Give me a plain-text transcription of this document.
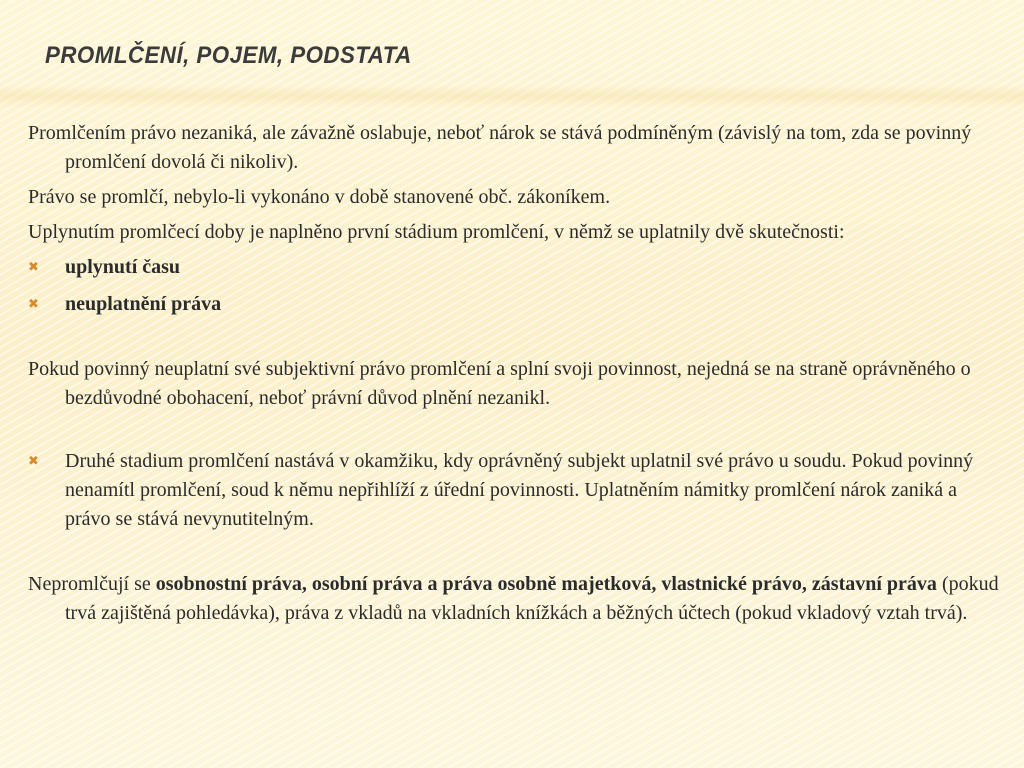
PROMLČENÍ, POJEM, PODSTATA

Promlčením právo nezaniká, ale závažně oslabuje, neboť nárok se stává podmíněným (závislý na tom, zda se povinný promlčení dovolá či nikoliv).

Právo se promlčí, nebylo-li vykonáno v době stanovené obč. zákoníkem.

Uplynutím promlčecí doby je naplněno první stádium promlčení, v němž se uplatnily dvě skutečnosti:

✖ uplynutí času
✖ neuplatnění práva

Pokud povinný neuplatní své subjektivní právo promlčení a splní svoji povinnost, nejedná se na straně oprávněného o bezdůvodné obohacení, neboť právní důvod plnění nezanikl.

✖ Druhé stadium promlčení nastává v okamžiku, kdy oprávněný subjekt uplatnil své právo u soudu. Pokud povinný nenamítl promlčení, soud k němu nepřihlíží z úřední povinnosti. Uplatněním námitky promlčení nárok zaniká a právo se stává nevynutitelným.

Nepromlčují se osobnostní práva, osobní práva a práva osobně majetková, vlastnické právo, zástavní práva (pokud trvá zajištěná pohledávka), práva z vkladů na vkladních knížkách a běžných účtech (pokud vkladový vztah trvá).
